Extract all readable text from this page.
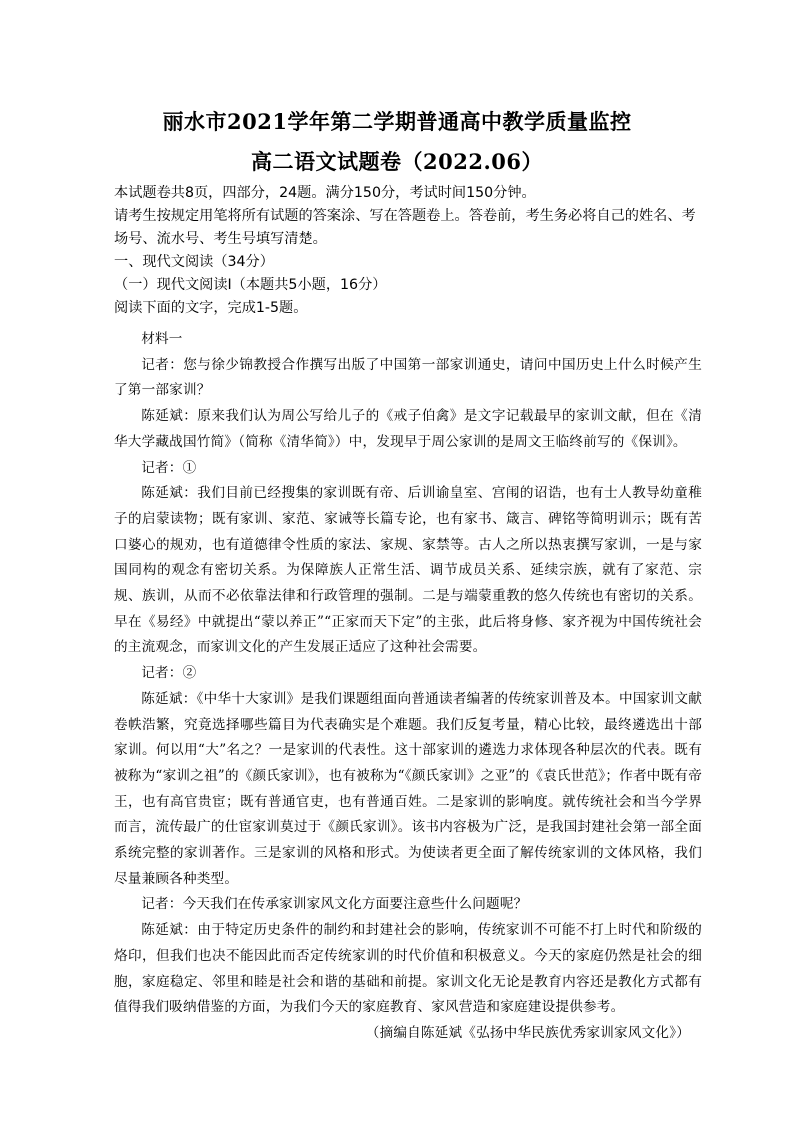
丽水市2021学年第二学期普通高中教学质量监控
高二语文试题卷（2022.06）

本试题卷共8页，四部分，24题。满分150分，考试时间150分钟。

请考生按规定用笔将所有试题的答案涂、写在答题卷上。答卷前，考生务必将自己的姓名、考场号、流水号、考生号填写清楚。

一、现代文阅读（34分）

（一）现代文阅读Ⅰ（本题共5小题，16分）

阅读下面的文字，完成1-5题。

材料一

记者：您与徐少锦教授合作撰写出版了中国第一部家训通史，请问中国历史上什么时候产生了第一部家训？

陈延斌：原来我们认为周公写给儿子的《戒子伯禽》是文字记载最早的家训文献，但在《清华大学藏战国竹简》（简称《清华简》）中，发现早于周公家训的是周文王临终前写的《保训》。

记者：①

陈延斌：我们目前已经搜集的家训既有帝、后训谕皇室、宫闱的诏诰，也有士人教导幼童稚子的启蒙读物；既有家训、家范、家诫等长篇专论，也有家书、箴言、碑铭等简明训示；既有苦口婆心的规劝，也有道德律令性质的家法、家规、家禁等。古人之所以热衷撰写家训，一是与家国同构的观念有密切关系。为保障族人正常生活、调节成员关系、延续宗族，就有了家范、宗规、族训，从而不必依靠法律和行政管理的强制。二是与端蒙重教的悠久传统也有密切的关系。早在《易经》中就提出“蒙以养正”“正家而天下定”的主张，此后将身修、家齐视为中国传统社会的主流观念，而家训文化的产生发展正适应了这种社会需要。

记者：②

陈延斌：《中华十大家训》是我们课题组面向普通读者编著的传统家训普及本。中国家训文献卷帙浩繁，究竟选择哪些篇目为代表确实是个难题。我们反复考量，精心比较，最终遴选出十部家训。何以用“大”名之？一是家训的代表性。这十部家训的遴选力求体现各种层次的代表。既有被称为“家训之祖”的《颜氏家训》，也有被称为“《颜氏家训》之亚”的《袁氏世范》；作者中既有帝王，也有高官贵宦；既有普通官吏，也有普通百姓。二是家训的影响度。就传统社会和当今学界而言，流传最广的仕宦家训莫过于《颜氏家训》。该书内容极为广泛，是我国封建社会第一部全面系统完整的家训著作。三是家训的风格和形式。为使读者更全面了解传统家训的文体风格，我们尽量兼顾各种类型。

记者：今天我们在传承家训家风文化方面要注意些什么问题呢？

陈延斌：由于特定历史条件的制约和封建社会的影响，传统家训不可能不打上时代和阶级的烙印，但我们也决不能因此而否定传统家训的时代价值和积极意义。今天的家庭仍然是社会的细胞，家庭稳定、邻里和睦是社会和谐的基础和前提。家训文化无论是教育内容还是教化方式都有值得我们吸纳借鉴的方面，为我们今天的家庭教育、家风营造和家庭建设提供参考。

（摘编自陈延斌《弘扬中华民族优秀家训家风文化》）
